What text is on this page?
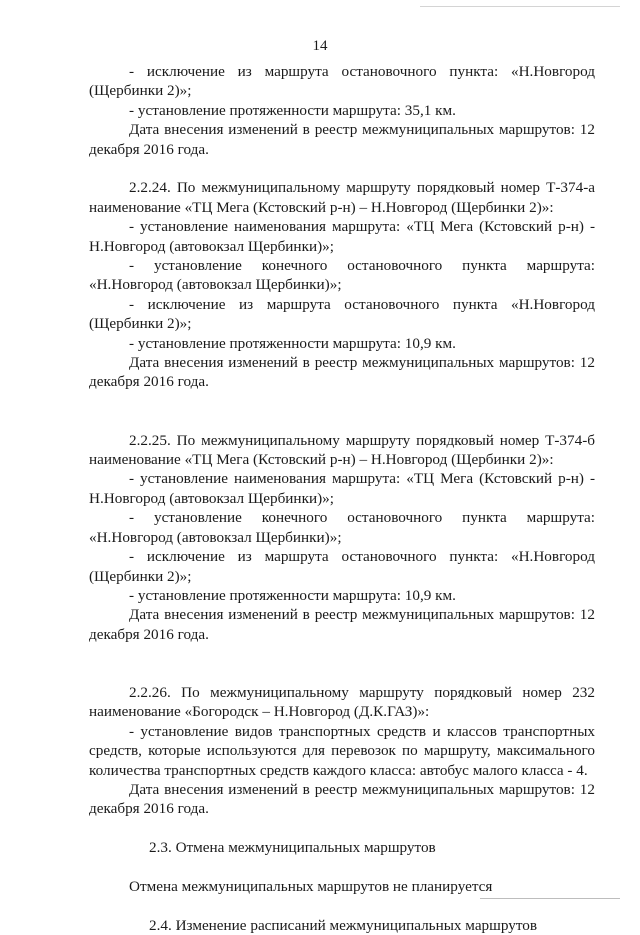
14

- исключение из маршрута остановочного пункта: «Н.Новгород

(Щербинки 2)»;

- установление протяженности маршрута: 35,1 км.

Дата внесения изменений в реестр межмуниципальных маршрутов: 12

декабря 2016 года.

2.2.24. По межмуниципальному маршруту порядковый номер Т-374-а

наименование «ТЦ Мега (Кстовский р-н) – Н.Новгород (Щербинки 2)»:

- установление наименования маршрута: «ТЦ Мега (Кстовский р-н) -

Н.Новгород (автовокзал Щербинки)»;

- установление конечного остановочного пункта маршрута:

«Н.Новгород (автовокзал Щербинки)»;

- исключение из маршрута остановочного пункта «Н.Новгород

(Щербинки 2)»;

- установление протяженности маршрута: 10,9 км.

Дата внесения изменений в реестр межмуниципальных маршрутов: 12

декабря 2016 года.

2.2.25. По межмуниципальному маршруту порядковый номер Т-374-б

наименование «ТЦ Мега (Кстовский р-н) – Н.Новгород (Щербинки 2)»:

- установление наименования маршрута: «ТЦ Мега (Кстовский р-н) -

Н.Новгород (автовокзал Щербинки)»;

- установление конечного остановочного пункта маршрута:

«Н.Новгород (автовокзал Щербинки)»;

- исключение из маршрута остановочного пункта: «Н.Новгород

(Щербинки 2)»;

- установление протяженности маршрута: 10,9 км.

Дата внесения изменений в реестр межмуниципальных маршрутов: 12

декабря 2016 года.

2.2.26. По межмуниципальному маршруту порядковый номер 232

наименование «Богородск – Н.Новгород (Д.К.ГАЗ)»:

- установление видов транспортных средств и классов транспортных

средств, которые используются для перевозок по маршруту, максимального

количества транспортных средств каждого класса: автобус малого класса - 4.

Дата внесения изменений в реестр межмуниципальных маршрутов: 12

декабря 2016 года.

2.3. Отмена межмуниципальных маршрутов

Отмена межмуниципальных маршрутов не планируется

2.4. Изменение расписаний межмуниципальных маршрутов
